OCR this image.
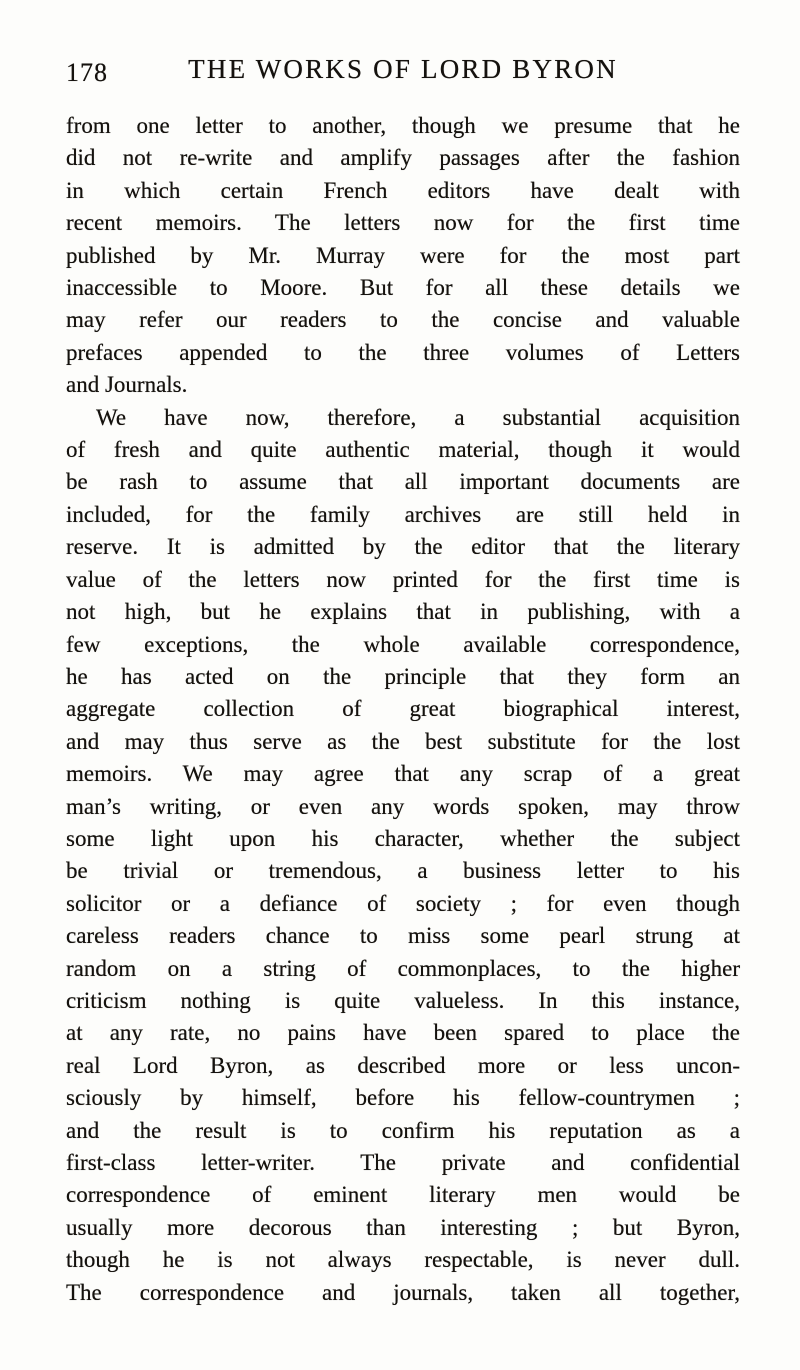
178	THE WORKS OF LORD BYRON
from one letter to another, though we presume that he
did not re-write and amplify passages after the fashion
in which certain French editors have dealt with
recent memoirs. The letters now for the first time
published by Mr. Murray were for the most part
inaccessible to Moore. But for all these details we
may refer our readers to the concise and valuable
prefaces appended to the three volumes of Letters
and Journals.
We have now, therefore, a substantial acquisition
of fresh and quite authentic material, though it would
be rash to assume that all important documents are
included, for the family archives are still held in
reserve. It is admitted by the editor that the literary
value of the letters now printed for the first time is
not high, but he explains that in publishing, with a
few exceptions, the whole available correspondence,
he has acted on the principle that they form an
aggregate collection of great biographical interest,
and may thus serve as the best substitute for the lost
memoirs. We may agree that any scrap of a great
man’s writing, or even any words spoken, may throw
some light upon his character, whether the subject
be trivial or tremendous, a business letter to his
solicitor or a defiance of society ; for even though
careless readers chance to miss some pearl strung at
random on a string of commonplaces, to the higher
criticism nothing is quite valueless. In this instance,
at any rate, no pains have been spared to place the
real Lord Byron, as described more or less uncon-
sciously by himself, before his fellow-countrymen ;
and the result is to confirm his reputation as a
first-class letter-writer. The private and confidential
correspondence of eminent literary men would be
usually more decorous than interesting ; but Byron,
though he is not always respectable, is never dull.
The correspondence and journals, taken all together,
